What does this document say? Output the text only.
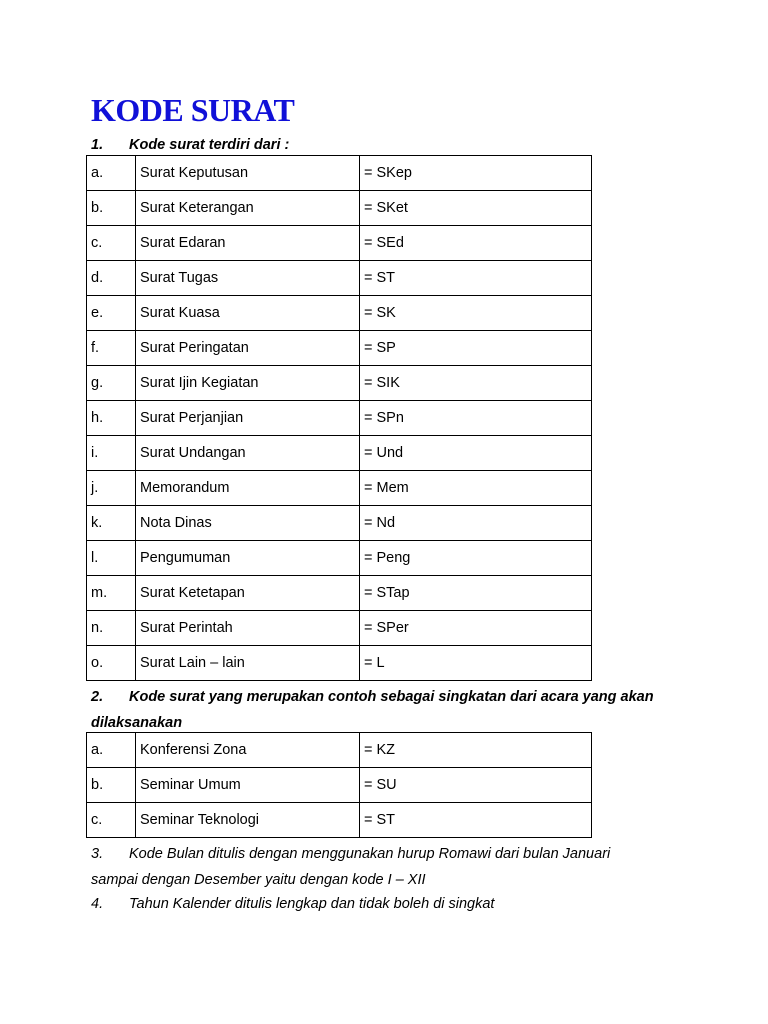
KODE SURAT

1. Kode surat terdiri dari :

a.	Surat Keputusan	= SKep
b.	Surat Keterangan	= SKet
c.	Surat Edaran	= SEd
d.	Surat Tugas	= ST
e.	Surat Kuasa	= SK
f.	Surat Peringatan	= SP
g.	Surat Ijin Kegiatan	= SIK
h.	Surat Perjanjian	= SPn
i.	Surat Undangan	= Und
j.	Memorandum	= Mem
k.	Nota Dinas	= Nd
l.	Pengumuman	= Peng
m.	Surat Ketetapan	= STap
n.	Surat Perintah	= SPer
o.	Surat Lain – lain	= L

2. Kode surat yang merupakan contoh sebagai singkatan dari acara yang akan
dilaksanakan

a.	Konferensi Zona	= KZ
b.	Seminar Umum	= SU
c.	Seminar Teknologi	= ST

3. Kode Bulan ditulis dengan menggunakan hurup Romawi dari bulan Januari
sampai dengan Desember yaitu dengan kode I – XII

4. Tahun Kalender ditulis lengkap dan tidak boleh di singkat
